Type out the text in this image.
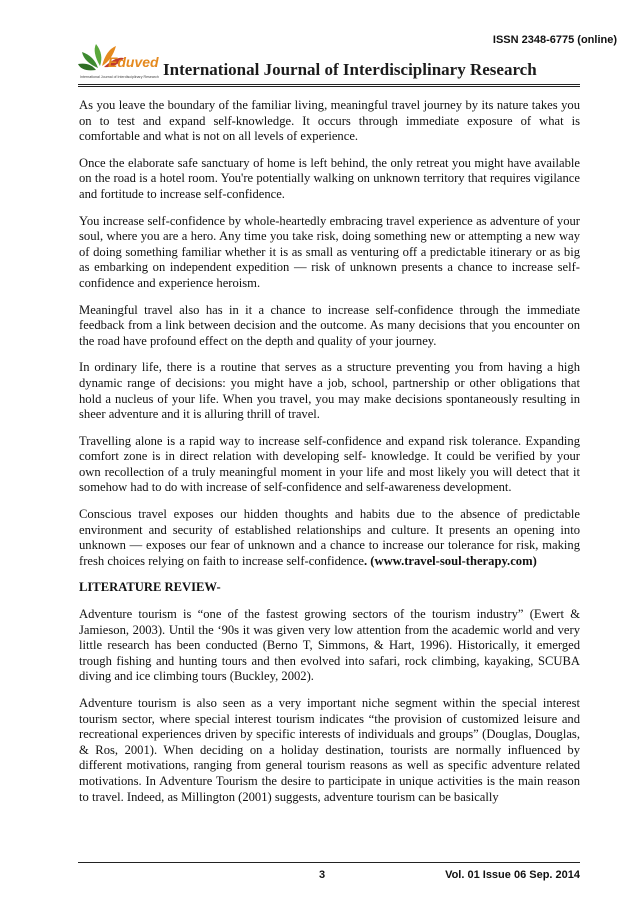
ISSN 2348-6775 (online)
Eduved
International Journal of Interdisciplinary Research International Journal of Interdisciplinary Research

As you leave the boundary of the familiar living, meaningful travel journey by its nature takes you on to test and expand self-knowledge. It occurs through immediate exposure of what is comfortable and what is not on all levels of experience.

Once the elaborate safe sanctuary of home is left behind, the only retreat you might have available on the road is a hotel room. You're potentially walking on unknown territory that requires vigilance and fortitude to increase self-confidence.

You increase self-confidence by whole-heartedly embracing travel experience as adventure of your soul, where you are a hero. Any time you take risk, doing something new or attempting a new way of doing something familiar whether it is as small as venturing off a predictable itinerary or as big as embarking on independent expedition — risk of unknown presents a chance to increase self-confidence and experience heroism.

Meaningful travel also has in it a chance to increase self-confidence through the immediate feedback from a link between decision and the outcome. As many decisions that you encounter on the road have profound effect on the depth and quality of your journey.

In ordinary life, there is a routine that serves as a structure preventing you from having a high dynamic range of decisions: you might have a job, school, partnership or other obligations that hold a nucleus of your life. When you travel, you may make decisions spontaneously resulting in sheer adventure and it is alluring thrill of travel.

Travelling alone is a rapid way to increase self-confidence and expand risk tolerance. Expanding comfort zone is in direct relation with developing self- knowledge. It could be verified by your own recollection of a truly meaningful moment in your life and most likely you will detect that it somehow had to do with increase of self-confidence and self-awareness development.

Conscious travel exposes our hidden thoughts and habits due to the absence of predictable environment and security of established relationships and culture. It presents an opening into unknown — exposes our fear of unknown and a chance to increase our tolerance for risk, making fresh choices relying on faith to increase self-confidence. (www.travel-soul-therapy.com)

LITERATURE REVIEW-

Adventure tourism is “one of the fastest growing sectors of the tourism industry” (Ewert & Jamieson, 2003). Until the ‘90s it was given very low attention from the academic world and very little research has been conducted (Berno T, Simmons, & Hart, 1996). Historically, it emerged trough fishing and hunting tours and then evolved into safari, rock climbing, kayaking, SCUBA diving and ice climbing tours (Buckley, 2002).

Adventure tourism is also seen as a very important niche segment within the special interest tourism sector, where special interest tourism indicates “the provision of customized leisure and recreational experiences driven by specific interests of individuals and groups” (Douglas, Douglas, & Ros, 2001). When deciding on a holiday destination, tourists are normally influenced by different motivations, ranging from general tourism reasons as well as specific adventure related motivations. In Adventure Tourism the desire to participate in unique activities is the main reason to travel. Indeed, as Millington (2001) suggests, adventure tourism can be basically

3	Vol. 01 Issue 06 Sep. 2014
